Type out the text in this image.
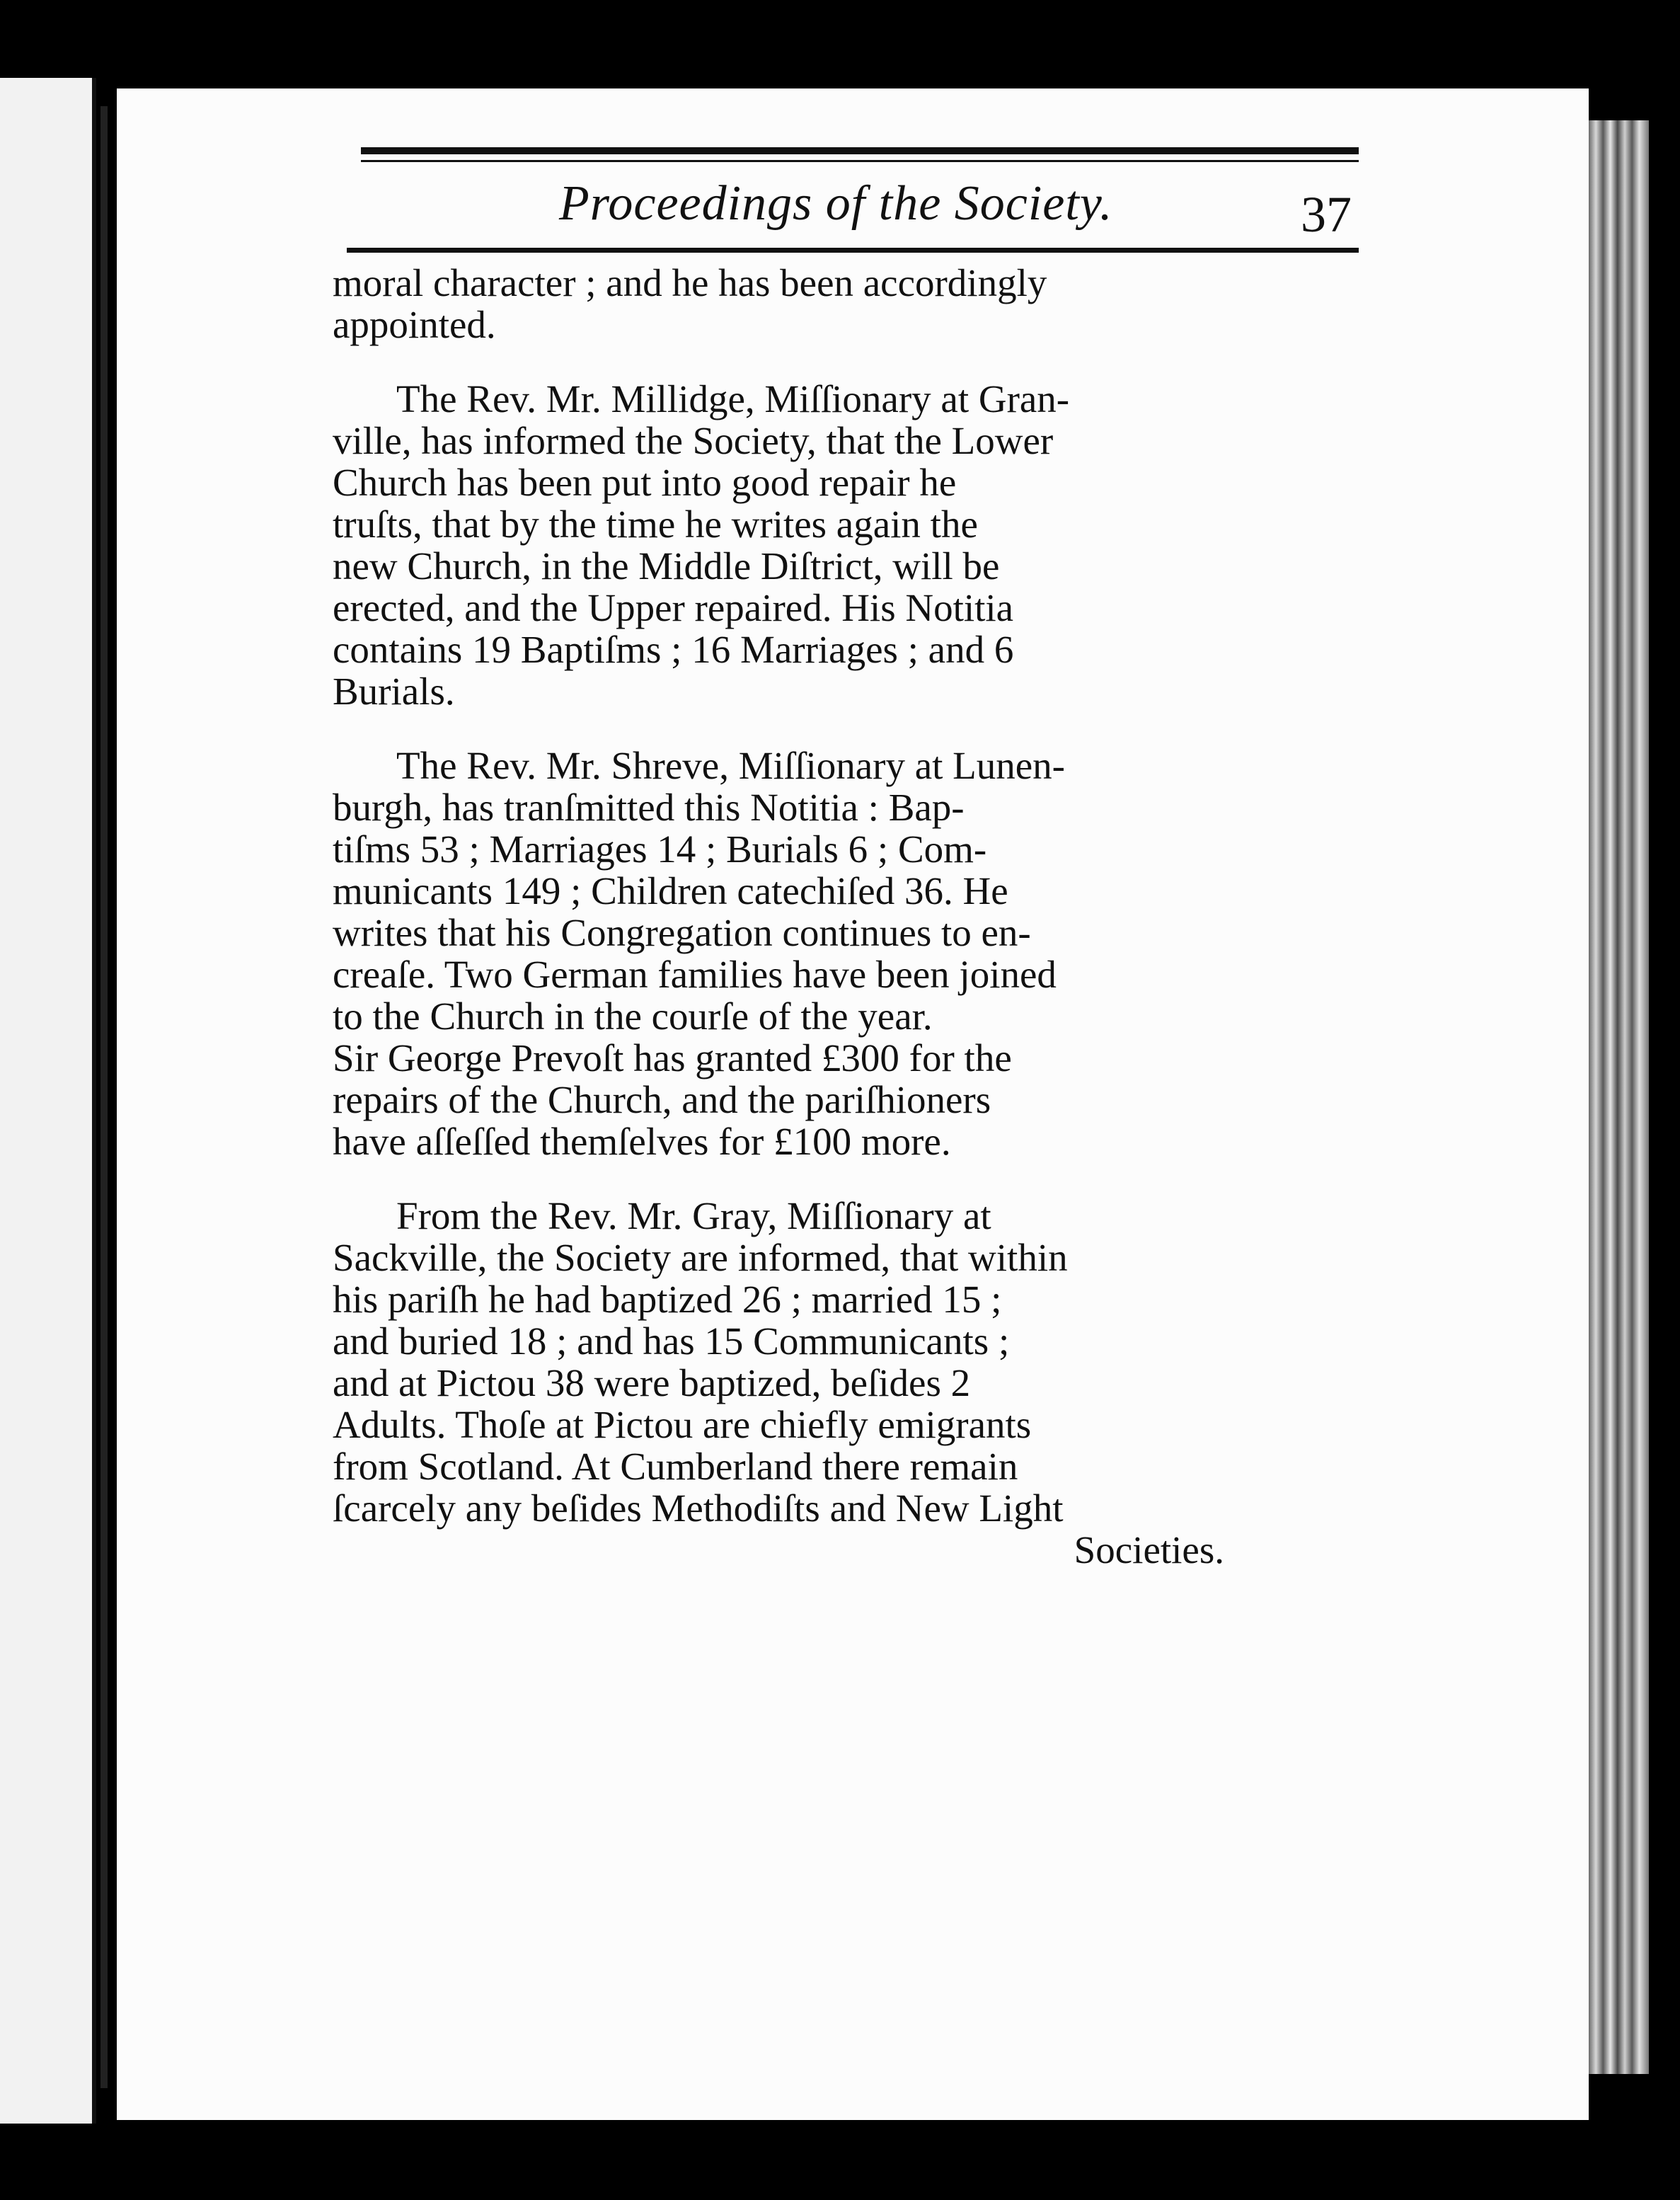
Proceedings of the Society.	37
moral character ; and he has been accordingly
appointed.
The Rev. Mr. Millidge, Miſſionary at Gran-
ville, has informed the Society, that the Lower
Church has been put into good repair he
truſts, that by the time he writes again the
new Church, in the Middle Diſtrict, will be
erected, and the Upper repaired. His Notitia
contains 19 Baptiſms ; 16 Marriages ; and 6
Burials.
The Rev. Mr. Shreve, Miſſionary at Lunen-
burgh, has tranſmitted this Notitia : Bap-
tiſms 53 ; Marriages 14 ; Burials 6 ; Com-
municants 149 ; Children catechiſed 36. He
writes that his Congregation continues to en-
creaſe. Two German families have been joined
to the Church in the courſe of the year.
Sir George Prevoſt has granted £300 for the
repairs of the Church, and the pariſhioners
have aſſeſſed themſelves for £100 more.
From the Rev. Mr. Gray, Miſſionary at
Sackville, the Society are informed, that within
his pariſh he had baptized 26 ; married 15 ;
and buried 18 ; and has 15 Communicants ;
and at Pictou 38 were baptized, beſides 2
Adults. Thoſe at Pictou are chiefly emigrants
from Scotland. At Cumberland there remain
ſcarcely any beſides Methodiſts and New Light
Societies.
